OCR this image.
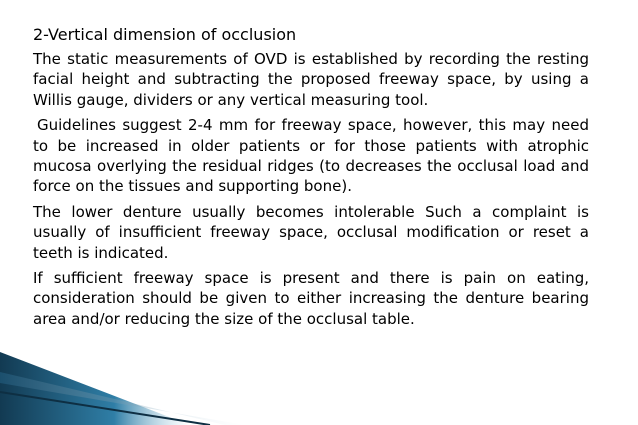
2-Vertical dimension of occlusion

The static measurements of OVD is established by recording the resting facial height and subtracting the proposed freeway space, by using a Willis gauge, dividers or any vertical measuring tool.

Guidelines suggest 2-4 mm for freeway space, however, this may need to be increased in older patients or for those patients with atrophic mucosa overlying the residual ridges (to decreases the occlusal load and force on the tissues and supporting bone).

The lower denture usually becomes intolerable Such a complaint is usually of insufficient freeway space, occlusal modification or reset a teeth is indicated.

If sufficient freeway space is present and there is pain on eating, consideration should be given to either increasing the denture bearing area and/or reducing the size of the occlusal table.
